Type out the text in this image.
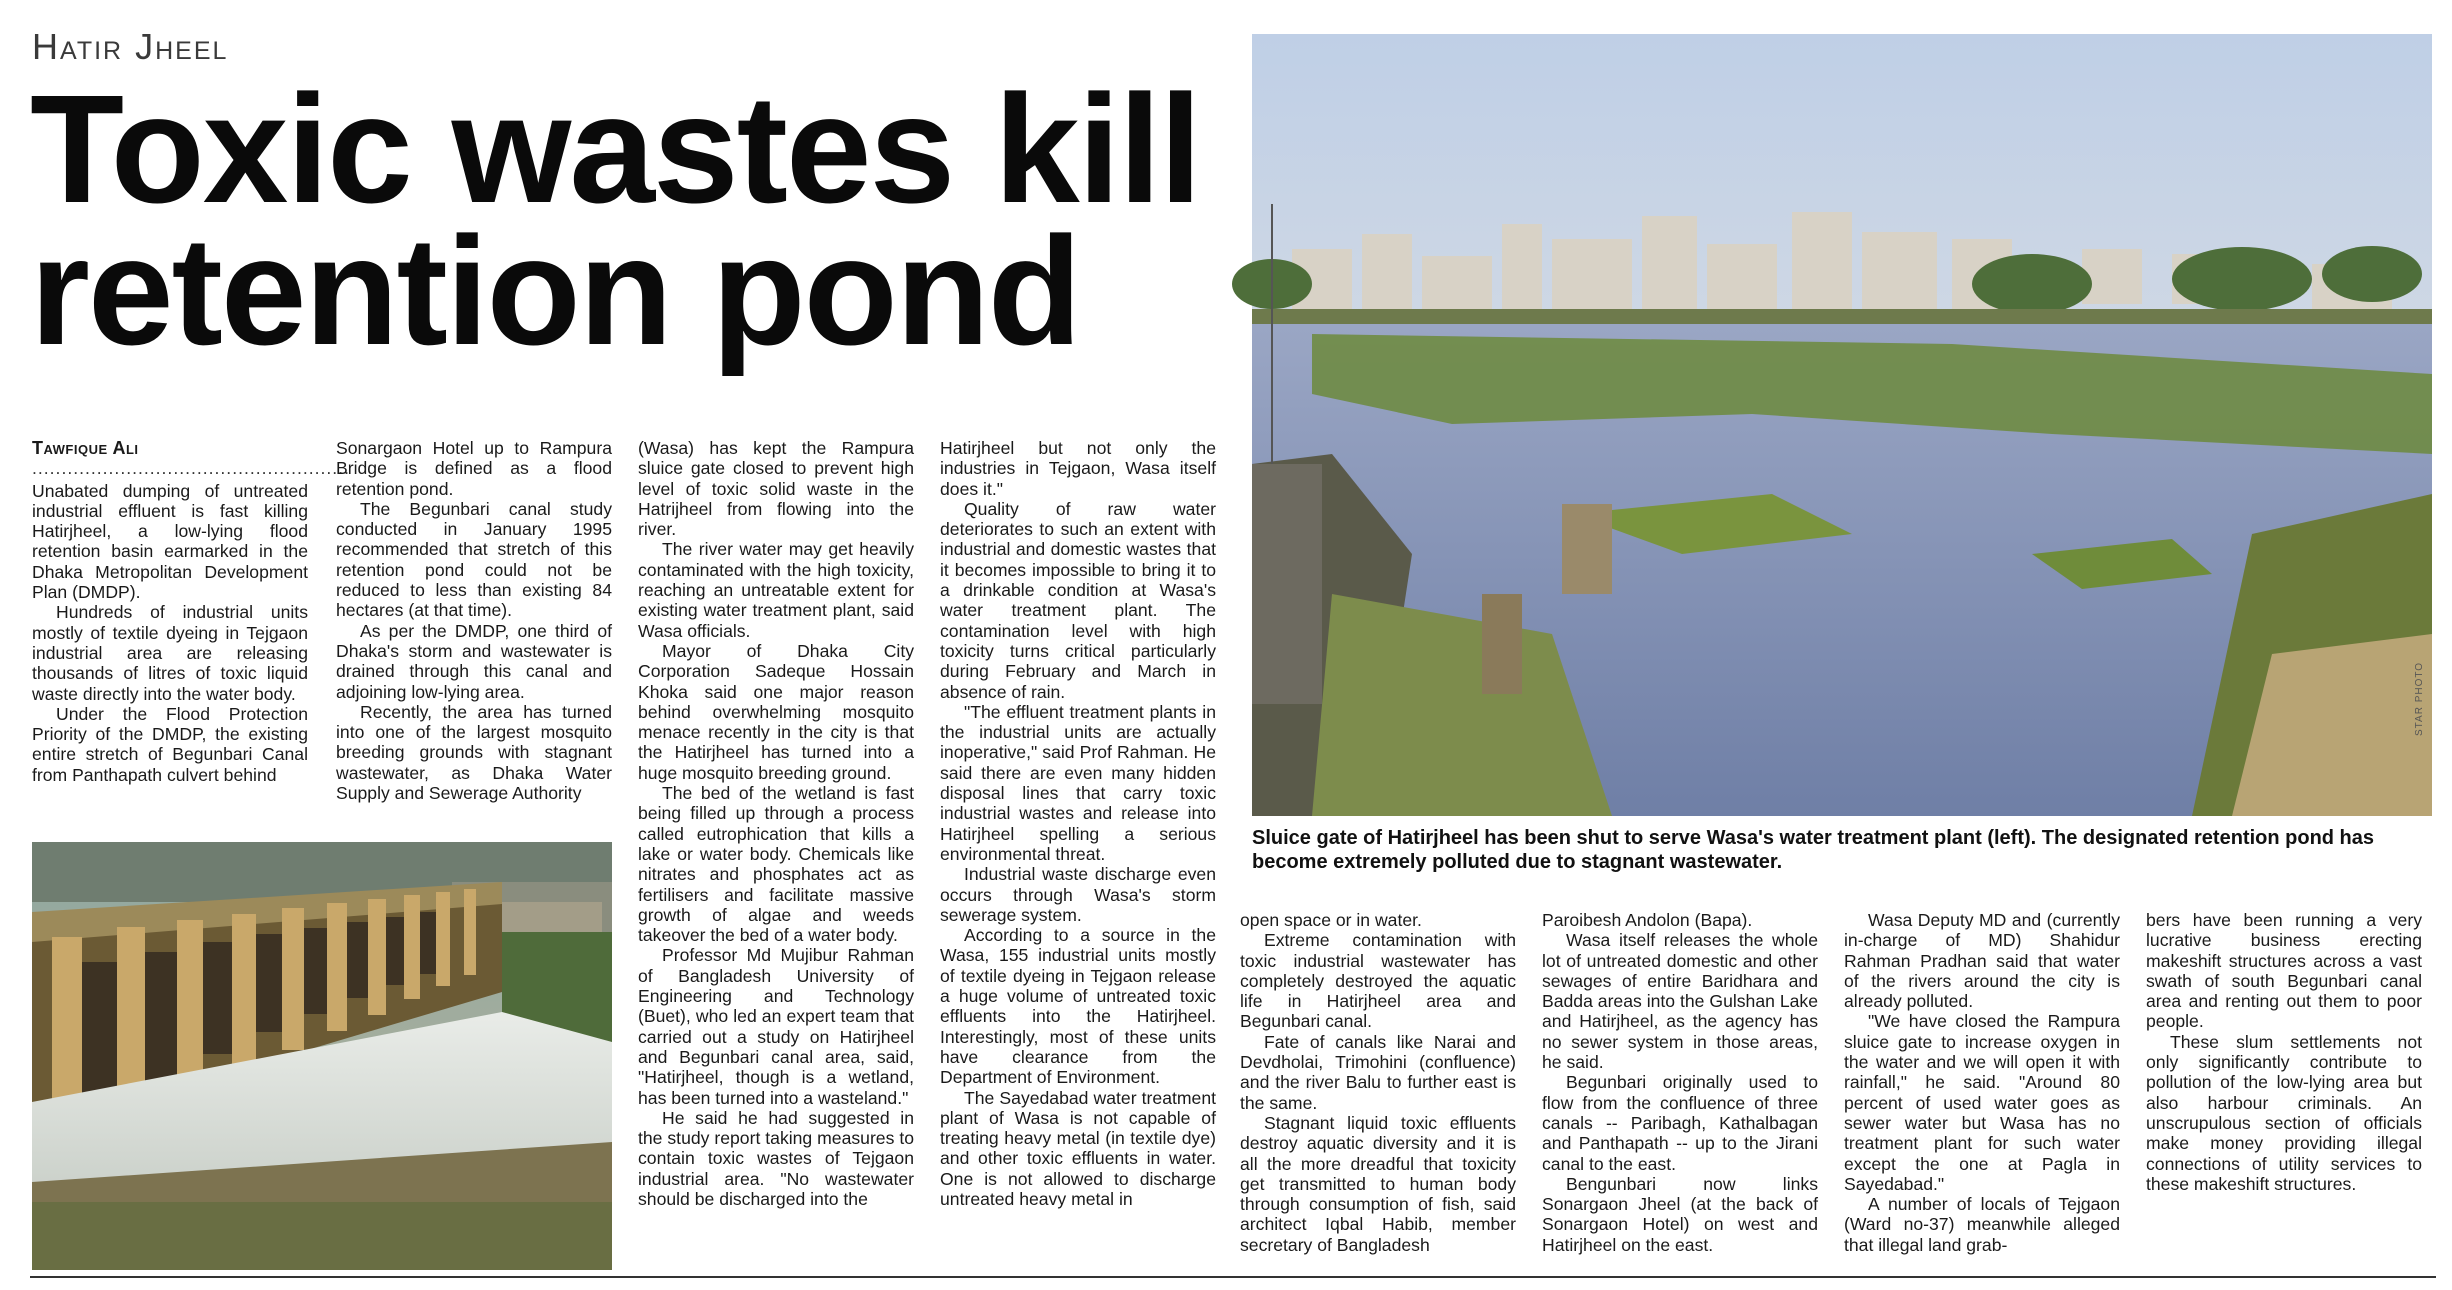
Hatir Jheel
Toxic wastes kill retention pond
Tawfique Ali
......................................................

Unabated dumping of untreated industrial effluent is fast killing Hatirjheel, a low-lying flood retention basin earmarked in the Dhaka Metropolitan Development Plan (DMDP).

Hundreds of industrial units mostly of textile dyeing in Tejgaon industrial area are releasing thousands of litres of toxic liquid waste directly into the water body.

Under the Flood Protection Priority of the DMDP, the existing entire stretch of Begunbari Canal from Panthapath culvert behind

Sonargaon Hotel up to Rampura Bridge is defined as a flood retention pond.

The Begunbari canal study conducted in January 1995 recommended that stretch of this retention pond could not be reduced to less than existing 84 hectares (at that time).

As per the DMDP, one third of Dhaka's storm and wastewater is drained through this canal and adjoining low-lying area.

Recently, the area has turned into one of the largest mosquito breeding grounds with stagnant wastewater, as Dhaka Water Supply and Sewerage Authority

(Wasa) has kept the Rampura sluice gate closed to prevent high level of toxic solid waste in the Hatrijheel from flowing into the river.

The river water may get heavily contaminated with the high toxicity, reaching an untreatable extent for existing water treatment plant, said Wasa officials.

Mayor of Dhaka City Corporation Sadeque Hossain Khoka said one major reason behind overwhelming mosquito menace recently in the city is that the Hatirjheel has turned into a huge mosquito breeding ground.

The bed of the wetland is fast being filled up through a process called eutrophication that kills a lake or water body. Chemicals like nitrates and phosphates act as fertilisers and facilitate massive growth of algae and weeds takeover the bed of a water body.

Professor Md Mujibur Rahman of Bangladesh University of Engineering and Technology (Buet), who led an expert team that carried out a study on Hatirjheel and Begunbari canal area, said, "Hatirjheel, though is a wetland, has been turned into a wasteland."

He said he had suggested in the study report taking measures to contain toxic wastes of Tejgaon industrial area. "No wastewater should be discharged into the

Hatirjheel but not only the industries in Tejgaon, Wasa itself does it."

Quality of raw water deteriorates to such an extent with industrial and domestic wastes that it becomes impossible to bring it to a drinkable condition at Wasa's water treatment plant. The contamination level with high toxicity turns critical particularly during February and March in absence of rain.

"The effluent treatment plants in the industrial units are actually inoperative," said Prof Rahman. He said there are even many hidden disposal lines that carry toxic industrial wastes and release into Hatirjheel spelling a serious environmental threat.

Industrial waste discharge even occurs through Wasa's storm sewerage system.

According to a source in the Wasa, 155 industrial units mostly of textile dyeing in Tejgaon release a huge volume of untreated toxic effluents into the Hatirjheel. Interestingly, most of these units have clearance from the Department of Environment.

The Sayedabad water treatment plant of Wasa is not capable of treating heavy metal (in textile dye) and other toxic effluents in water. One is not allowed to discharge untreated heavy metal in

STAR PHOTO
Sluice gate of Hatirjheel has been shut to serve Wasa's water treatment plant (left). The designated retention pond has become extremely polluted due to stagnant wastewater.

open space or in water.

Extreme contamination with toxic industrial wastewater has completely destroyed the aquatic life in Hatirjheel area and Begunbari canal.

Fate of canals like Narai and Devdholai, Trimohini (confluence) and the river Balu to further east is the same.

Stagnant liquid toxic effluents destroy aquatic diversity and it is all the more dreadful that toxicity get transmitted to human body through consumption of fish, said architect Iqbal Habib, member secretary of Bangladesh

Paroibesh Andolon (Bapa).

Wasa itself releases the whole lot of untreated domestic and other sewages of entire Baridhara and Badda areas into the Gulshan Lake and Hatirjheel, as the agency has no sewer system in those areas, he said.

Begunbari originally used to flow from the confluence of three canals -- Paribagh, Kathalbagan and Panthapath -- up to the Jirani canal to the east.

Bengunbari now links Sonargaon Jheel (at the back of Sonargaon Hotel) on west and Hatirjheel on the east.

Wasa Deputy MD and (currently in-charge of MD) Shahidur Rahman Pradhan said that water of the rivers around the city is already polluted.

"We have closed the Rampura sluice gate to increase oxygen in the water and we will open it with rainfall," he said. "Around 80 percent of used water goes as sewer water but Wasa has no treatment plant for such water except the one at Pagla in Sayedabad."

A number of locals of Tejgaon (Ward no-37) meanwhile alleged that illegal land grab-

bers have been running a very lucrative business erecting makeshift structures across a vast swath of south Begunbari canal area and renting out them to poor people.

These slum settlements not only significantly contribute to pollution of the low-lying area but also harbour criminals. An unscrupulous section of officials make money providing illegal connections of utility services to these makeshift structures.
